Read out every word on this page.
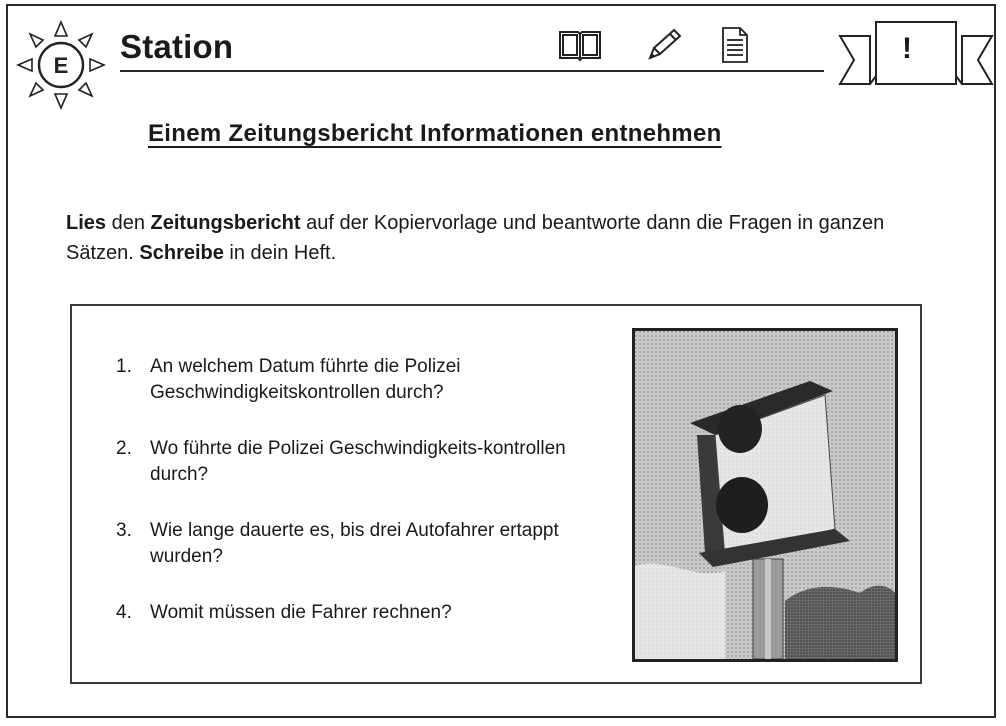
E
Station	!
Einem Zeitungsbericht Informationen entnehmen
Lies den Zeitungsbericht auf der Kopiervorlage und beantworte dann die Fragen in ganzen Sätzen. Schreibe in dein Heft.
1. An welchem Datum führte die Polizei Geschwindigkeitskontrollen durch?
2. Wo führte die Polizei Geschwindigkeits-kontrollen durch?
3. Wie lange dauerte es, bis drei Autofahrer ertappt wurden?
4. Womit müssen die Fahrer rechnen?
